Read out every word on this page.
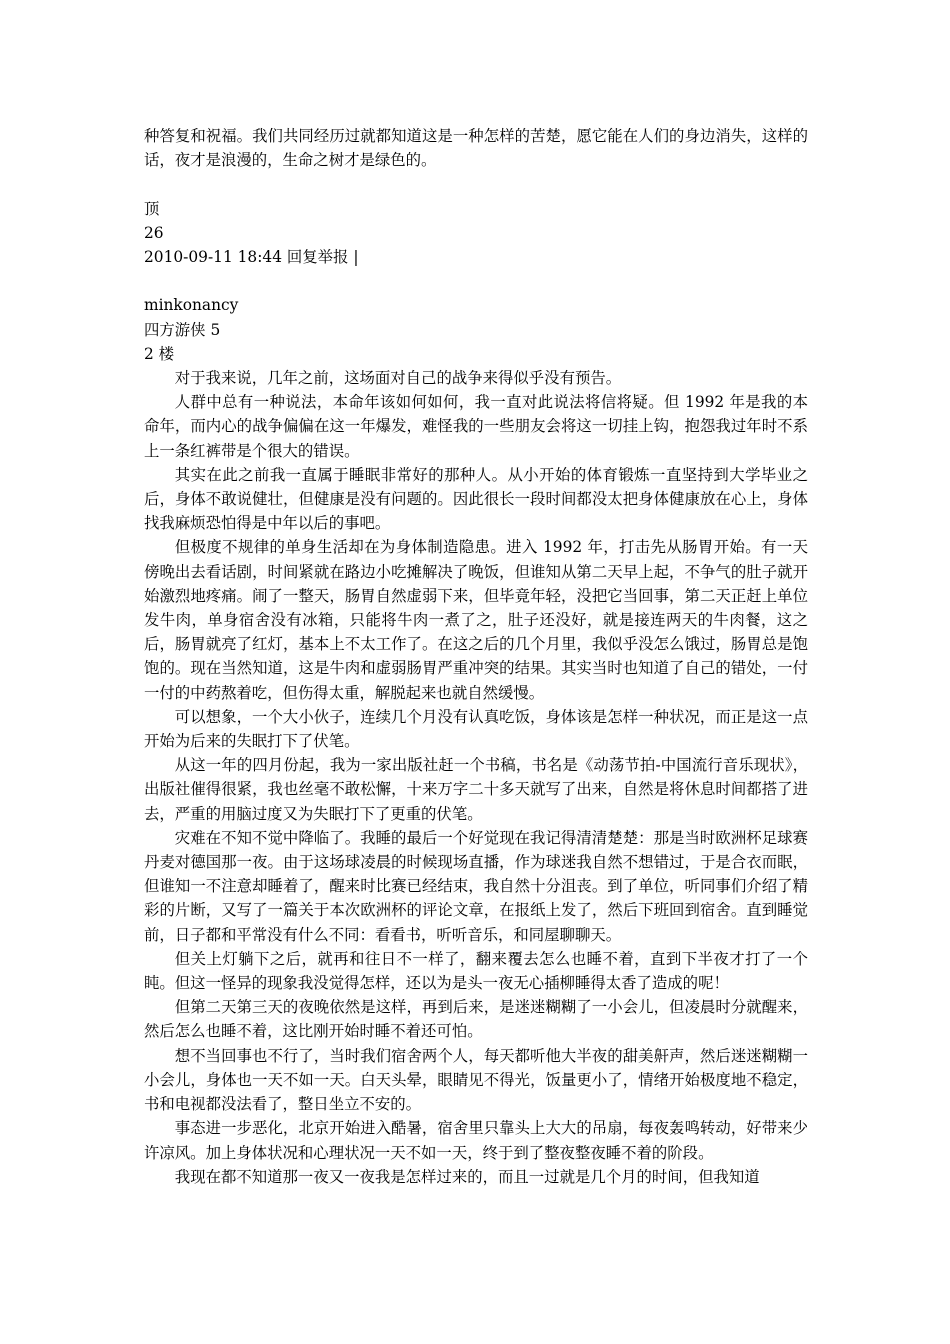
种答复和祝福。我们共同经历过就都知道这是一种怎样的苦楚，愿它能在人们的身边消失，这样的话，夜才是浪漫的，生命之树才是绿色的。

顶

26

2010-09-11 18:44 回复举报 |

minkonancy

四方游侠 5

2 楼

对于我来说，几年之前，这场面对自己的战争来得似乎没有预告。

人群中总有一种说法，本命年该如何如何，我一直对此说法将信将疑。但 1992 年是我的本命年，而内心的战争偏偏在这一年爆发，难怪我的一些朋友会将这一切挂上钩，抱怨我过年时不系上一条红裤带是个很大的错误。

其实在此之前我一直属于睡眠非常好的那种人。从小开始的体育锻炼一直坚持到大学毕业之后，身体不敢说健壮，但健康是没有问题的。因此很长一段时间都没太把身体健康放在心上，身体找我麻烦恐怕得是中年以后的事吧。

但极度不规律的单身生活却在为身体制造隐患。进入 1992 年，打击先从肠胃开始。有一天傍晚出去看话剧，时间紧就在路边小吃摊解决了晚饭，但谁知从第二天早上起，不争气的肚子就开始激烈地疼痛。闹了一整天，肠胃自然虚弱下来，但毕竟年轻，没把它当回事，第二天正赶上单位发牛肉，单身宿舍没有冰箱，只能将牛肉一煮了之，肚子还没好，就是接连两天的牛肉餐，这之后，肠胃就亮了红灯，基本上不太工作了。在这之后的几个月里，我似乎没怎么饿过，肠胃总是饱饱的。现在当然知道，这是牛肉和虚弱肠胃严重冲突的结果。其实当时也知道了自己的错处，一付一付的中药熬着吃，但伤得太重，解脱起来也就自然缓慢。

可以想象，一个大小伙子，连续几个月没有认真吃饭，身体该是怎样一种状况，而正是这一点开始为后来的失眠打下了伏笔。

从这一年的四月份起，我为一家出版社赶一个书稿，书名是《动荡节拍-中国流行音乐现状》，出版社催得很紧，我也丝毫不敢松懈，十来万字二十多天就写了出来，自然是将休息时间都搭了进去，严重的用脑过度又为失眠打下了更重的伏笔。

灾难在不知不觉中降临了。我睡的最后一个好觉现在我记得清清楚楚：那是当时欧洲杯足球赛丹麦对德国那一夜。由于这场球凌晨的时候现场直播，作为球迷我自然不想错过，于是合衣而眠，但谁知一不注意却睡着了，醒来时比赛已经结束，我自然十分沮丧。到了单位，听同事们介绍了精彩的片断，又写了一篇关于本次欧洲杯的评论文章，在报纸上发了，然后下班回到宿舍。直到睡觉前，日子都和平常没有什么不同：看看书，听听音乐，和同屋聊聊天。

但关上灯躺下之后，就再和往日不一样了，翻来覆去怎么也睡不着，直到下半夜才打了一个盹。但这一怪异的现象我没觉得怎样，还以为是头一夜无心插柳睡得太香了造成的呢！

但第二天第三天的夜晚依然是这样，再到后来，是迷迷糊糊了一小会儿，但凌晨时分就醒来，然后怎么也睡不着，这比刚开始时睡不着还可怕。

想不当回事也不行了，当时我们宿舍两个人，每天都听他大半夜的甜美鼾声，然后迷迷糊糊一小会儿，身体也一天不如一天。白天头晕，眼睛见不得光，饭量更小了，情绪开始极度地不稳定，书和电视都没法看了，整日坐立不安的。

事态进一步恶化，北京开始进入酷暑，宿舍里只靠头上大大的吊扇，每夜轰鸣转动，好带来少许凉风。加上身体状况和心理状况一天不如一天，终于到了整夜整夜睡不着的阶段。

我现在都不知道那一夜又一夜我是怎样过来的，而且一过就是几个月的时间，但我知道
